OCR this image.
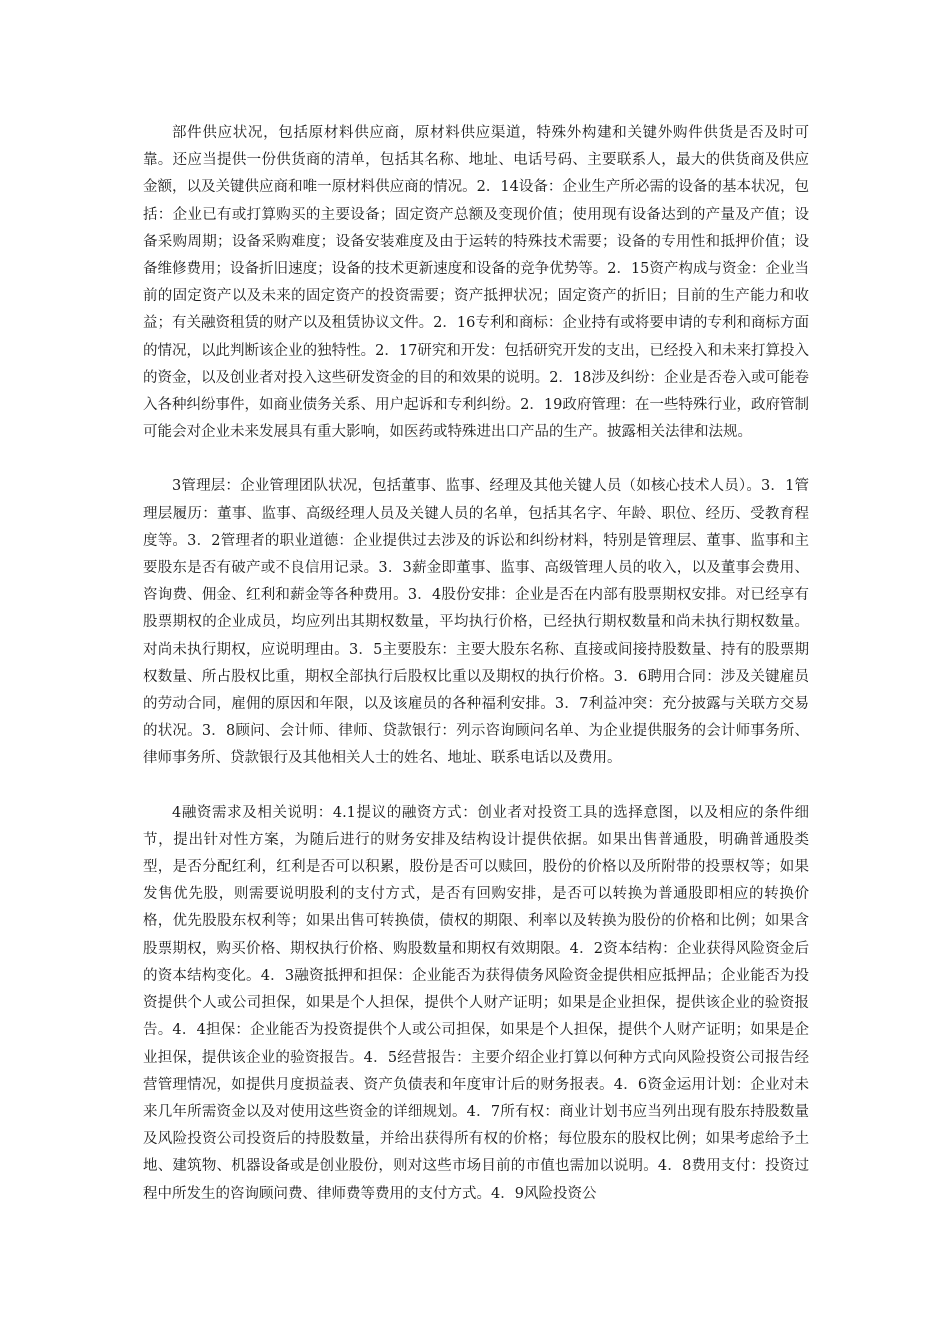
部件供应状况，包括原材料供应商，原材料供应渠道，特殊外构建和关键外购件供货是否及时可靠。还应当提供一份供货商的清单，包括其名称、地址、电话号码、主要联系人，最大的供货商及供应金额，以及关键供应商和唯一原材料供应商的情况。2．14设备：企业生产所必需的设备的基本状况，包括：企业已有或打算购买的主要设备；固定资产总额及变现价值；使用现有设备达到的产量及产值；设备采购周期；设备采购难度；设备安装难度及由于运转的特殊技术需要；设备的专用性和抵押价值；设备维修费用；设备折旧速度；设备的技术更新速度和设备的竞争优势等。2．15资产构成与资金：企业当前的固定资产以及未来的固定资产的投资需要；资产抵押状况；固定资产的折旧；目前的生产能力和收益；有关融资租赁的财产以及租赁协议文件。2．16专利和商标：企业持有或将要申请的专利和商标方面的情况，以此判断该企业的独特性。2．17研究和开发：包括研究开发的支出，已经投入和未来打算投入的资金，以及创业者对投入这些研发资金的目的和效果的说明。2．18涉及纠纷：企业是否卷入或可能卷入各种纠纷事件，如商业债务关系、用户起诉和专利纠纷。2．19政府管理：在一些特殊行业，政府管制可能会对企业未来发展具有重大影响，如医药或特殊进出口产品的生产。披露相关法律和法规。

3管理层：企业管理团队状况，包括董事、监事、经理及其他关键人员（如核心技术人员）。3．1管理层履历：董事、监事、高级经理人员及关键人员的名单，包括其名字、年龄、职位、经历、受教育程度等。3．2管理者的职业道德：企业提供过去涉及的诉讼和纠纷材料，特别是管理层、董事、监事和主要股东是否有破产或不良信用记录。3．3薪金即董事、监事、高级管理人员的收入，以及董事会费用、咨询费、佣金、红利和薪金等各种费用。3．4股份安排：企业是否在内部有股票期权安排。对已经享有股票期权的企业成员，均应列出其期权数量，平均执行价格，已经执行期权数量和尚未执行期权数量。对尚未执行期权，应说明理由。3．5主要股东：主要大股东名称、直接或间接持股数量、持有的股票期权数量、所占股权比重，期权全部执行后股权比重以及期权的执行价格。3．6聘用合同：涉及关键雇员的劳动合同，雇佣的原因和年限，以及该雇员的各种福利安排。3．7利益冲突：充分披露与关联方交易的状况。3．8顾问、会计师、律师、贷款银行：列示咨询顾问名单、为企业提供服务的会计师事务所、律师事务所、贷款银行及其他相关人士的姓名、地址、联系电话以及费用。

4融资需求及相关说明：4.1提议的融资方式：创业者对投资工具的选择意图，以及相应的条件细节，提出针对性方案，为随后进行的财务安排及结构设计提供依据。如果出售普通股，明确普通股类型，是否分配红利，红利是否可以积累，股份是否可以赎回，股份的价格以及所附带的投票权等；如果发售优先股，则需要说明股利的支付方式，是否有回购安排，是否可以转换为普通股即相应的转换价格，优先股股东权利等；如果出售可转换债，债权的期限、利率以及转换为股份的价格和比例；如果含股票期权，购买价格、期权执行价格、购股数量和期权有效期限。4．2资本结构：企业获得风险资金后的资本结构变化。4．3融资抵押和担保：企业能否为获得债务风险资金提供相应抵押品；企业能否为投资提供个人或公司担保，如果是个人担保，提供个人财产证明；如果是企业担保，提供该企业的验资报告。4．4担保：企业能否为投资提供个人或公司担保，如果是个人担保，提供个人财产证明；如果是企业担保，提供该企业的验资报告。4．5经营报告：主要介绍企业打算以何种方式向风险投资公司报告经营管理情况，如提供月度损益表、资产负债表和年度审计后的财务报表。4．6资金运用计划：企业对未来几年所需资金以及对使用这些资金的详细规划。4．7所有权：商业计划书应当列出现有股东持股数量及风险投资公司投资后的持股数量，并给出获得所有权的价格；每位股东的股权比例；如果考虑给予土地、建筑物、机器设备或是创业股份，则对这些市场目前的市值也需加以说明。4．8费用支付：投资过程中所发生的咨询顾问费、律师费等费用的支付方式。4．9风险投资公
